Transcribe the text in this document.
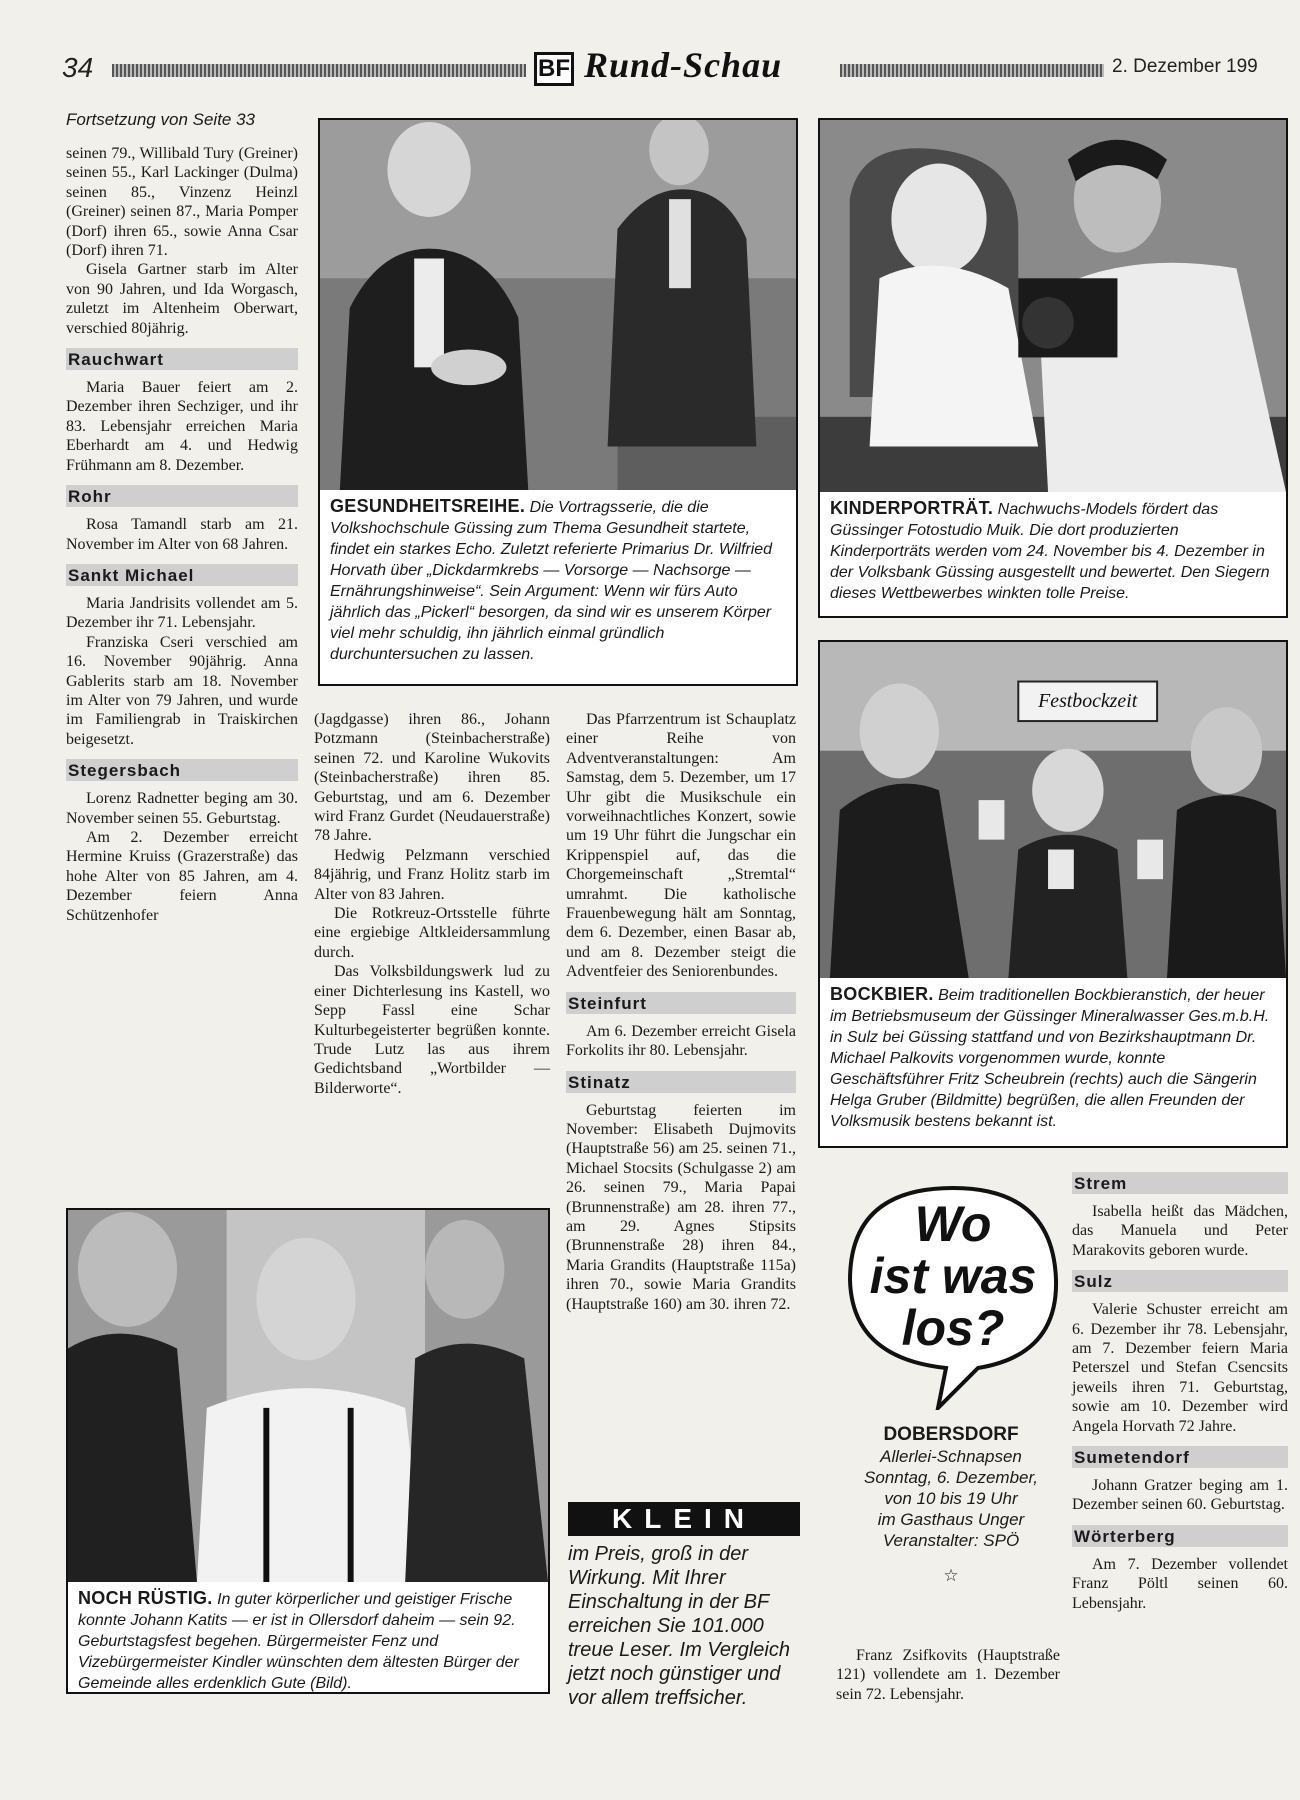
34	BF Rund-Schau	2. Dezember 199
Fortsetzung von Seite 33

seinen 79., Willibald Tury (Greiner) seinen 55., Karl Lackinger (Dulma) seinen 85., Vinzenz Heinzl (Greiner) seinen 87., Maria Pomper (Dorf) ihren 65., sowie Anna Csar (Dorf) ihren 71.

Gisela Gartner starb im Alter von 90 Jahren, und Ida Worgasch, zuletzt im Altenheim Oberwart, verschied 80jährig.

Rauchwart

Maria Bauer feiert am 2. Dezember ihren Sechziger, und ihr 83. Lebensjahr erreichen Maria Eberhardt am 4. und Hedwig Frühmann am 8. Dezember.

Rohr

Rosa Tamandl starb am 21. November im Alter von 68 Jahren.

Sankt Michael

Maria Jandrisits vollendet am 5. Dezember ihr 71. Lebensjahr.

Franziska Cseri verschied am 16. November 90jährig. Anna Gablerits starb am 18. November im Alter von 79 Jahren, und wurde im Familiengrab in Traiskirchen beigesetzt.

Stegersbach

Lorenz Radnetter beging am 30. November seinen 55. Geburtstag.

Am 2. Dezember erreicht Hermine Kruiss (Grazerstraße) das hohe Alter von 85 Jahren, am 4. Dezember feiern Anna Schützenhofer

GESUNDHEITSREIHE. Die Vortragsserie, die die Volkshochschule Güssing zum Thema Gesundheit startete, findet ein starkes Echo. Zuletzt referierte Primarius Dr. Wilfried Horvath über „Dickdarmkrebs — Vorsorge — Nachsorge — Ernährungshinweise“. Sein Argument: Wenn wir fürs Auto jährlich das „Pickerl“ besorgen, da sind wir es unserem Körper viel mehr schuldig, ihn jährlich einmal gründlich durchuntersuchen zu lassen.
KINDERPORTRÄT. Nachwuchs-Models fördert das Güssinger Fotostudio Muik. Die dort produzierten Kinderporträts werden vom 24. November bis 4. Dezember in der Volksbank Güssing ausgestellt und bewertet. Den Siegern dieses Wettbewerbes winkten tolle Preise.

(Jagdgasse) ihren 86., Johann Potzmann (Steinbacherstraße) seinen 72. und Karoline Wukovits (Steinbacherstraße) ihren 85. Geburtstag, und am 6. Dezember wird Franz Gurdet (Neudauerstraße) 78 Jahre.

Hedwig Pelzmann verschied 84jährig, und Franz Holitz starb im Alter von 83 Jahren.

Die Rotkreuz-Ortsstelle führte eine ergiebige Altkleidersammlung durch.

Das Volksbildungswerk lud zu einer Dichterlesung ins Kastell, wo Sepp Fassl eine Schar Kulturbegeisterter begrüßen konnte. Trude Lutz las aus ihrem Gedichtsband „Wortbilder — Bilderworte“.

Das Pfarrzentrum ist Schauplatz einer Reihe von Adventveranstaltungen: Am Samstag, dem 5. Dezember, um 17 Uhr gibt die Musikschule ein vorweihnachtliches Konzert, sowie um 19 Uhr führt die Jungschar ein Krippenspiel auf, das die Chorgemeinschaft „Stremtal“ umrahmt. Die katholische Frauenbewegung hält am Sonntag, dem 6. Dezember, einen Basar ab, und am 8. Dezember steigt die Adventfeier des Seniorenbundes.

Steinfurt

Am 6. Dezember erreicht Gisela Forkolits ihr 80. Lebensjahr.

Stinatz

Geburtstag feierten im November: Elisabeth Dujmovits (Hauptstraße 56) am 25. seinen 71., Michael Stocsits (Schulgasse 2) am 26. seinen 79., Maria Papai (Brunnenstraße) am 28. ihren 77., am 29. Agnes Stipsits (Brunnenstraße 28) ihren 84., Maria Grandits (Hauptstraße 115a) ihren 70., sowie Maria Grandits (Hauptstraße 160) am 30. ihren 72.

Festbockzeit
BOCKBIER. Beim traditionellen Bockbieranstich, der heuer im Betriebsmuseum der Güssinger Mineralwasser Ges.m.b.H. in Sulz bei Güssing stattfand und von Bezirkshauptmann Dr. Michael Palkovits vorgenommen wurde, konnte Geschäftsführer Fritz Scheubrein (rechts) auch die Sängerin Helga Gruber (Bildmitte) begrüßen, die allen Freunden der Volksmusik bestens bekannt ist.
NOCH RÜSTIG. In guter körperlicher und geistiger Frische konnte Johann Katits — er ist in Ollersdorf daheim — sein 92. Geburtstagsfest begehen. Bürgermeister Fenz und Vizebürgermeister Kindler wünschten dem ältesten Bürger der Gemeinde alles erdenklich Gute (Bild).
KLEIN
im Preis, groß in der Wirkung. Mit Ihrer Einschaltung in der BF erreichen Sie 101.000 treue Leser. Im Vergleich jetzt noch günstiger und vor allem treffsicher.
Wo
ist was
los?
DOBERSDORF
Allerlei-Schnapsen
Sonntag, 6. Dezember,
von 10 bis 19 Uhr
im Gasthaus Unger
Veranstalter: SPÖ
☆

Franz Zsifkovits (Hauptstraße 121) vollendete am 1. Dezember sein 72. Lebensjahr.

Strem

Isabella heißt das Mädchen, das Manuela und Peter Marakovits geboren wurde.

Sulz

Valerie Schuster erreicht am 6. Dezember ihr 78. Lebensjahr, am 7. Dezember feiern Maria Peterszel und Stefan Csencsits jeweils ihren 71. Geburtstag, sowie am 10. Dezember wird Angela Horvath 72 Jahre.

Sumetendorf

Johann Gratzer beging am 1. Dezember seinen 60. Geburtstag.

Wörterberg

Am 7. Dezember vollendet Franz Pöltl seinen 60. Lebensjahr.
